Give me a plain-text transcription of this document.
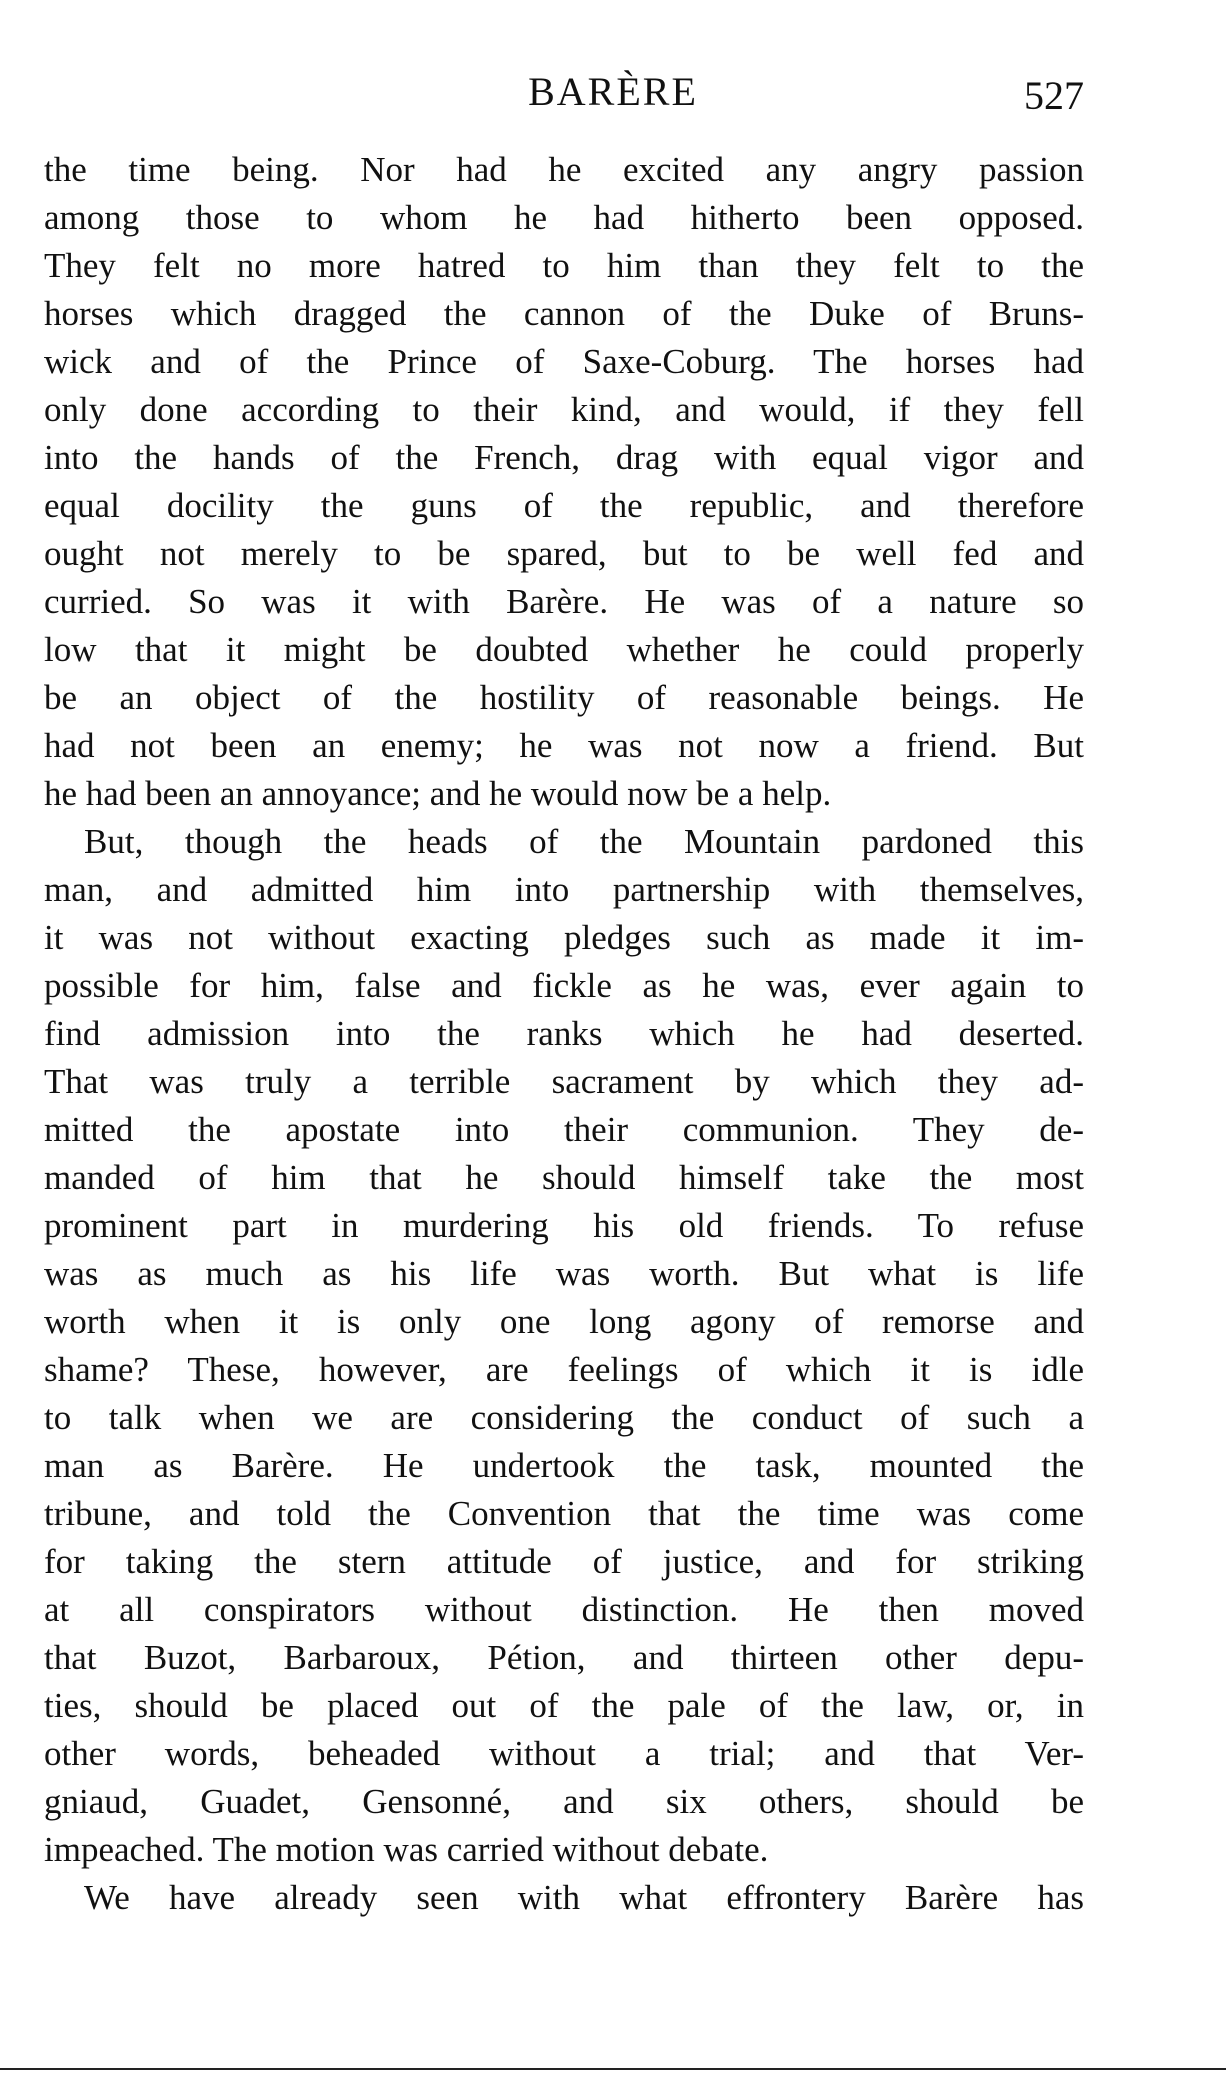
BARÈRE	527
the time being. Nor had he excited any angry passion
among those to whom he had hitherto been opposed.
They felt no more hatred to him than they felt to the
horses which dragged the cannon of the Duke of Bruns-
wick and of the Prince of Saxe-Coburg. The horses had
only done according to their kind, and would, if they fell
into the hands of the French, drag with equal vigor and
equal docility the guns of the republic, and therefore
ought not merely to be spared, but to be well fed and
curried. So was it with Barère. He was of a nature so
low that it might be doubted whether he could properly
be an object of the hostility of reasonable beings. He
had not been an enemy; he was not now a friend. But
he had been an annoyance; and he would now be a help.
But, though the heads of the Mountain pardoned this
man, and admitted him into partnership with themselves,
it was not without exacting pledges such as made it im-
possible for him, false and fickle as he was, ever again to
find admission into the ranks which he had deserted.
That was truly a terrible sacrament by which they ad-
mitted the apostate into their communion. They de-
manded of him that he should himself take the most
prominent part in murdering his old friends. To refuse
was as much as his life was worth. But what is life
worth when it is only one long agony of remorse and
shame? These, however, are feelings of which it is idle
to talk when we are considering the conduct of such a
man as Barère. He undertook the task, mounted the
tribune, and told the Convention that the time was come
for taking the stern attitude of justice, and for striking
at all conspirators without distinction. He then moved
that Buzot, Barbaroux, Pétion, and thirteen other depu-
ties, should be placed out of the pale of the law, or, in
other words, beheaded without a trial; and that Ver-
gniaud, Guadet, Gensonné, and six others, should be
impeached. The motion was carried without debate.
We have already seen with what effrontery Barère has
